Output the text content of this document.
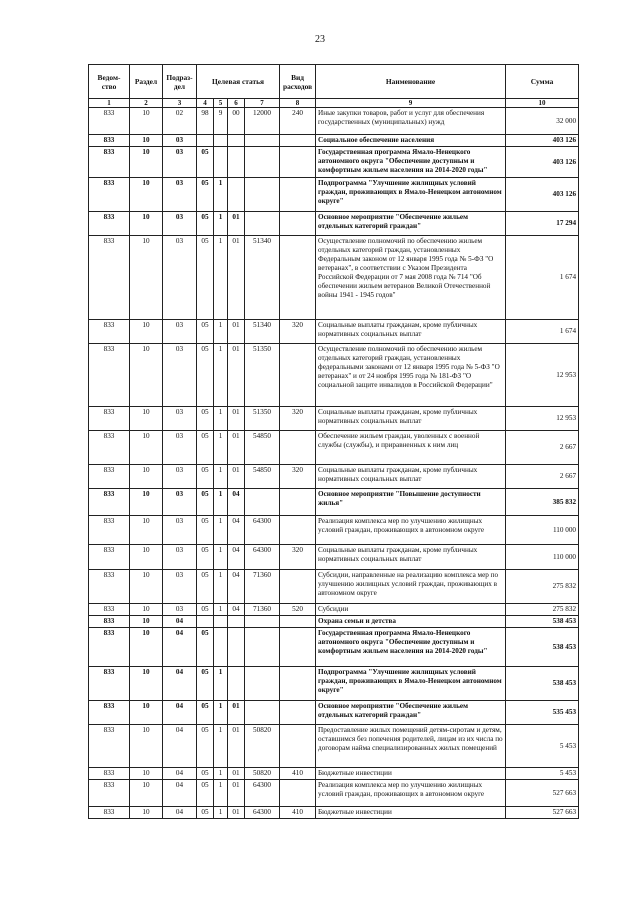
23
Ведом-ство	Раздел	Подраз-дел	Целевая статья				Вид расходов	Наименование	Сумма
1	2	3	4	5	6	7	8	9	10
833	10	02	98	9	00	12000	240	Иные закупки товаров, работ и услуг для обеспечения государственных (муниципальных) нужд	32 000
833	10	03						Социальное обеспечение населения	403 126
833	10	03	05					Государственная программа Ямало-Ненецкого автономного округа "Обеспечение доступным и комфортным жильем населения на 2014-2020 годы"	403 126
833	10	03	05	1				Подпрограмма "Улучшение жилищных условий граждан, проживающих в Ямало-Ненецком автономном округе"	403 126
833	10	03	05	1	01			Основное мероприятие "Обеспечение жильем отдельных категорий граждан"	17 294
833	10	03	05	1	01	51340		Осуществление полномочий по обеспечению жильем отдельных категорий граждан, установленных Федеральным законом от 12 января 1995 года № 5-ФЗ "О ветеранах", в соответствии с Указом Президента Российской Федерации от 7 мая 2008 года № 714 "Об обеспечении жильем ветеранов Великой Отечественной войны 1941 - 1945 годов"	1 674
833	10	03	05	1	01	51340	320	Социальные выплаты гражданам, кроме публичных нормативных социальных выплат	1 674
833	10	03	05	1	01	51350		Осуществление полномочий по обеспечению жильем отдельных категорий граждан, установленных федеральными законами от 12 января 1995 года № 5-ФЗ "О ветеранах" и от 24 ноября 1995 года № 181-ФЗ "О социальной защите инвалидов в Российской Федерации"	12 953
833	10	03	05	1	01	51350	320	Социальные выплаты гражданам, кроме публичных нормативных социальных выплат	12 953
833	10	03	05	1	01	54850		Обеспечение жильем граждан, уволенных с военной службы (службы), и приравненных к ним лиц	2 667
833	10	03	05	1	01	54850	320	Социальные выплаты гражданам, кроме публичных нормативных социальных выплат	2 667
833	10	03	05	1	04			Основное мероприятие "Повышение доступности жилья"	385 832
833	10	03	05	1	04	64300		Реализация комплекса мер по улучшению жилищных условий граждан, проживающих в автономном округе	110 000
833	10	03	05	1	04	64300	320	Социальные выплаты гражданам, кроме публичных нормативных социальных выплат	110 000
833	10	03	05	1	04	71360		Субсидии, направленные на реализацию комплекса мер по улучшению жилищных условий граждан, проживающих в автономном округе	275 832
833	10	03	05	1	04	71360	520	Субсидии	275 832
833	10	04						Охрана семьи и детства	538 453
833	10	04	05					Государственная программа Ямало-Ненецкого автономного округа "Обеспечение доступным и комфортным жильем населения на 2014-2020 годы"	538 453
833	10	04	05	1				Подпрограмма "Улучшение жилищных условий граждан, проживающих в Ямало-Ненецком автономном округе"	538 453
833	10	04	05	1	01			Основное мероприятие "Обеспечение жильем отдельных категорий граждан"	535 453
833	10	04	05	1	01	50820		Предоставление жилых помещений детям-сиротам и детям, оставшимся без попечения родителей, лицам из их числа по договорам найма специализированных жилых помещений	5 453
833	10	04	05	1	01	50820	410	Бюджетные инвестиции	5 453
833	10	04	05	1	01	64300		Реализация комплекса мер по улучшению жилищных условий граждан, проживающих в автономном округе	527 663
833	10	04	05	1	01	64300	410	Бюджетные инвестиции	527 663
